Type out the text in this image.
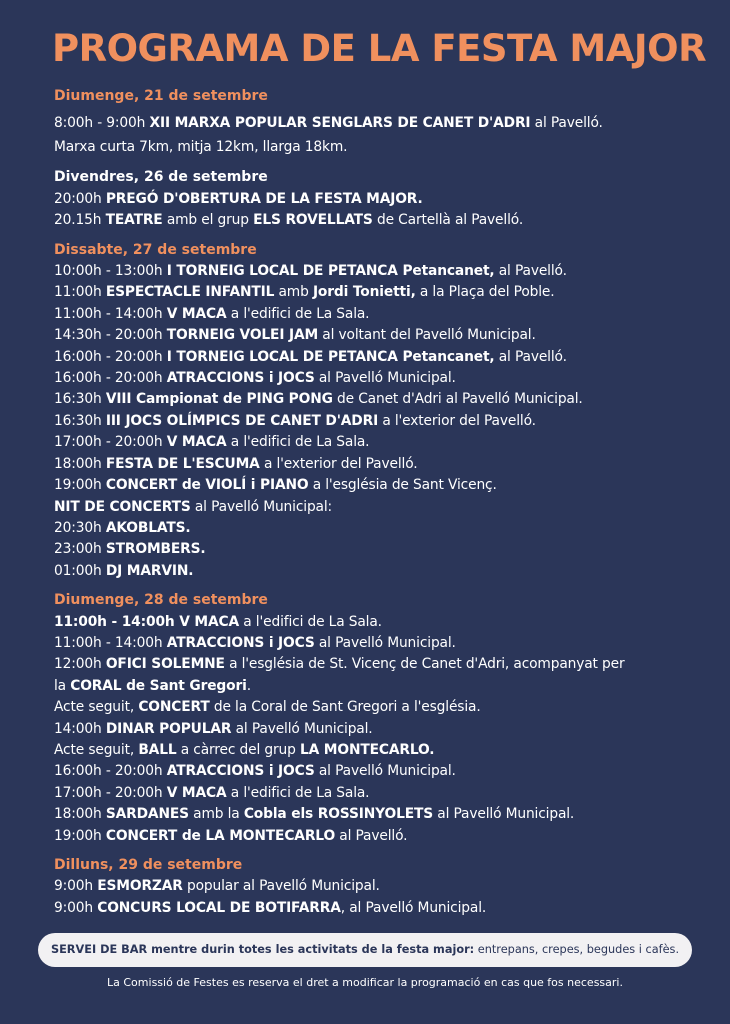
PROGRAMA DE LA FESTA MAJOR
Diumenge, 21 de setembre
8:00h - 9:00h XII MARXA POPULAR SENGLARS DE CANET D'ADRI al Pavelló.
Marxa curta 7km, mitja 12km, llarga 18km.
Divendres, 26 de setembre
20:00h PREGÓ D'OBERTURA DE LA FESTA MAJOR.
20.15h TEATRE amb el grup ELS ROVELLATS de Cartellà al Pavelló.
Dissabte, 27 de setembre
10:00h - 13:00h I TORNEIG LOCAL DE PETANCA Petancanet, al Pavelló.
11:00h ESPECTACLE INFANTIL amb Jordi Tonietti, a la Plaça del Poble.
11:00h - 14:00h V MACA a l'edifici de La Sala.
14:30h - 20:00h TORNEIG VOLEI JAM al voltant del Pavelló Municipal.
16:00h - 20:00h I TORNEIG LOCAL DE PETANCA Petancanet, al Pavelló.
16:00h - 20:00h ATRACCIONS i JOCS al Pavelló Municipal.
16:30h VIII Campionat de PING PONG de Canet d'Adri al Pavelló Municipal.
16:30h III JOCS OLÍMPICS DE CANET D'ADRI a l'exterior del Pavelló.
17:00h - 20:00h V MACA a l'edifici de La Sala.
18:00h FESTA DE L'ESCUMA a l'exterior del Pavelló.
19:00h CONCERT de VIOLÍ i PIANO a l'església de Sant Vicenç.
NIT DE CONCERTS al Pavelló Municipal:
20:30h AKOBLATS.
23:00h STROMBERS.
01:00h DJ MARVIN.
Diumenge, 28 de setembre
11:00h - 14:00h V MACA a l'edifici de La Sala.
11:00h - 14:00h ATRACCIONS i JOCS al Pavelló Municipal.
12:00h OFICI SOLEMNE a l'església de St. Vicenç de Canet d'Adri, acompanyat per
la CORAL de Sant Gregori.
Acte seguit, CONCERT de la Coral de Sant Gregori a l'església.
14:00h DINAR POPULAR al Pavelló Municipal.
Acte seguit, BALL a càrrec del grup LA MONTECARLO.
16:00h - 20:00h ATRACCIONS i JOCS al Pavelló Municipal.
17:00h - 20:00h V MACA a l'edifici de La Sala.
18:00h SARDANES amb la Cobla els ROSSINYOLETS al Pavelló Municipal.
19:00h CONCERT de LA MONTECARLO al Pavelló.
Dilluns, 29 de setembre
9:00h ESMORZAR popular al Pavelló Municipal.
9:00h CONCURS LOCAL DE BOTIFARRA, al Pavelló Municipal.
SERVEI DE BAR mentre durin totes les activitats de la festa major: entrepans, crepes, begudes i cafès.
La Comissió de Festes es reserva el dret a modificar la programació en cas que fos necessari.
